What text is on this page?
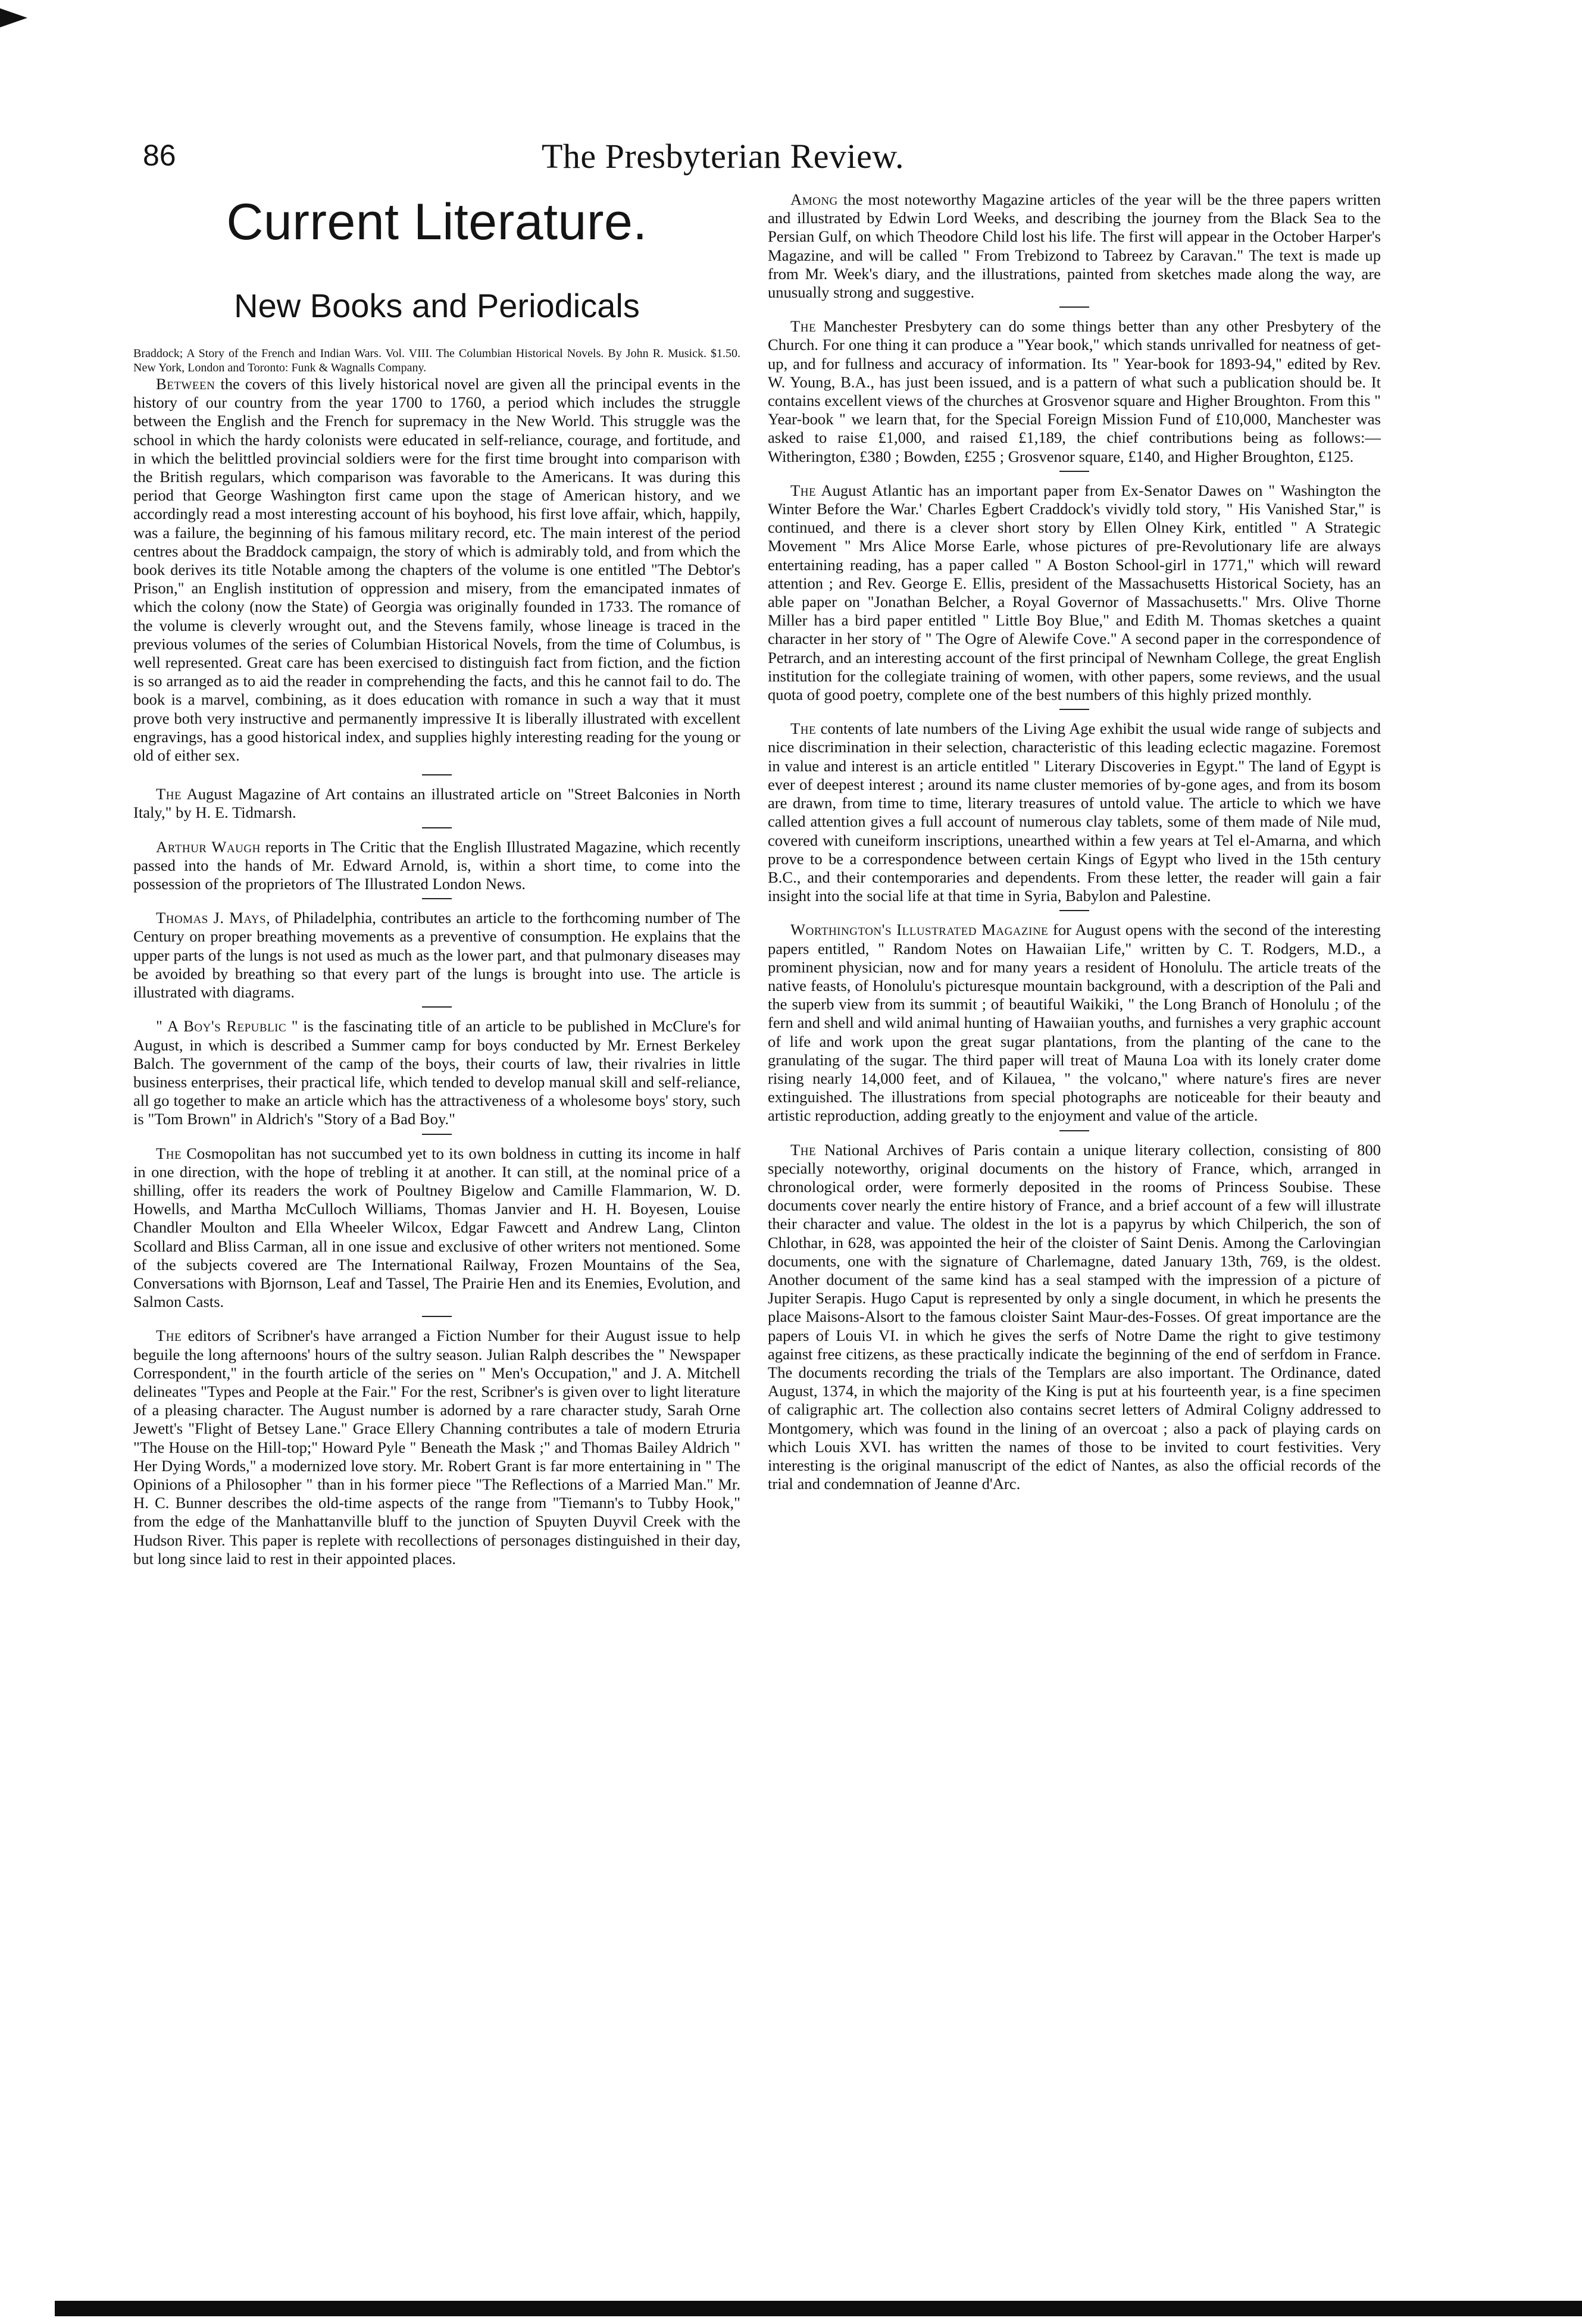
86	The Presbyterian Review.
Current Literature.
New Books and Periodicals

Braddock; A Story of the French and Indian Wars. Vol. VIII. The Columbian Historical Novels. By John R. Musick. $1.50. New York, London and Toronto: Funk & Wagnalls Company.

Between the covers of this lively historical novel are given all the principal events in the history of our country from the year 1700 to 1760, a period which includes the struggle between the English and the French for supremacy in the New World. This struggle was the school in which the hardy colonists were educated in self-reliance, courage, and fortitude, and in which the belittled provincial soldiers were for the first time brought into comparison with the British regulars, which comparison was favorable to the Americans. It was during this period that George Washington first came upon the stage of American history, and we accordingly read a most interesting account of his boyhood, his first love affair, which, happily, was a failure, the beginning of his famous military record, etc. The main interest of the period centres about the Braddock campaign, the story of which is admirably told, and from which the book derives its title Notable among the chapters of the volume is one entitled "The Debtor's Prison," an English institution of oppression and misery, from the emancipated inmates of which the colony (now the State) of Georgia was originally founded in 1733. The romance of the volume is cleverly wrought out, and the Stevens family, whose lineage is traced in the previous volumes of the series of Columbian Historical Novels, from the time of Columbus, is well represented. Great care has been exercised to distinguish fact from fiction, and the fiction is so arranged as to aid the reader in comprehending the facts, and this he cannot fail to do. The book is a marvel, combining, as it does education with romance in such a way that it must prove both very instructive and permanently impressive It is liberally illustrated with excellent engravings, has a good historical index, and supplies highly interesting reading for the young or old of either sex.

The August Magazine of Art contains an illustrated article on "Street Balconies in North Italy," by H. E. Tidmarsh.

Arthur Waugh reports in The Critic that the English Illustrated Magazine, which recently passed into the hands of Mr. Edward Arnold, is, within a short time, to come into the possession of the proprietors of The Illustrated London News.

Thomas J. Mays, of Philadelphia, contributes an article to the forthcoming number of The Century on proper breathing movements as a preventive of consumption. He explains that the upper parts of the lungs is not used as much as the lower part, and that pulmonary diseases may be avoided by breathing so that every part of the lungs is brought into use. The article is illustrated with diagrams.

" A Boy's Republic " is the fascinating title of an article to be published in McClure's for August, in which is described a Summer camp for boys conducted by Mr. Ernest Berkeley Balch. The government of the camp of the boys, their courts of law, their rivalries in little business enterprises, their practical life, which tended to develop manual skill and self-reliance, all go together to make an article which has the attractiveness of a wholesome boys' story, such is "Tom Brown" in Aldrich's "Story of a Bad Boy."

The Cosmopolitan has not succumbed yet to its own boldness in cutting its income in half in one direction, with the hope of trebling it at another. It can still, at the nominal price of a shilling, offer its readers the work of Poultney Bigelow and Camille Flammarion, W. D. Howells, and Martha McCulloch Williams, Thomas Janvier and H. H. Boyesen, Louise Chandler Moulton and Ella Wheeler Wilcox, Edgar Fawcett and Andrew Lang, Clinton Scollard and Bliss Carman, all in one issue and exclusive of other writers not mentioned. Some of the subjects covered are The International Railway, Frozen Mountains of the Sea, Conversations with Bjornson, Leaf and Tassel, The Prairie Hen and its Enemies, Evolution, and Salmon Casts.

The editors of Scribner's have arranged a Fiction Number for their August issue to help beguile the long afternoons' hours of the sultry season. Julian Ralph describes the " Newspaper Correspondent," in the fourth article of the series on " Men's Occupation," and J. A. Mitchell delineates "Types and People at the Fair." For the rest, Scribner's is given over to light literature of a pleasing character. The August number is adorned by a rare character study, Sarah Orne Jewett's "Flight of Betsey Lane." Grace Ellery Channing contributes a tale of modern Etruria "The House on the Hill-top;" Howard Pyle " Beneath the Mask ;" and Thomas Bailey Aldrich " Her Dying Words," a modernized love story. Mr. Robert Grant is far more entertaining in " The Opinions of a Philosopher " than in his former piece "The Reflections of a Married Man." Mr. H. C. Bunner describes the old-time aspects of the range from "Tiemann's to Tubby Hook," from the edge of the Manhattanville bluff to the junction of Spuyten Duyvil Creek with the Hudson River. This paper is replete with recollections of personages distinguished in their day, but long since laid to rest in their appointed places.

Among the most noteworthy Magazine articles of the year will be the three papers written and illustrated by Edwin Lord Weeks, and describing the journey from the Black Sea to the Persian Gulf, on which Theodore Child lost his life. The first will appear in the October Harper's Magazine, and will be called " From Trebizond to Tabreez by Caravan." The text is made up from Mr. Week's diary, and the illustrations, painted from sketches made along the way, are unusually strong and suggestive.

The Manchester Presbytery can do some things better than any other Presbytery of the Church. For one thing it can produce a "Year book," which stands unrivalled for neatness of get-up, and for fullness and accuracy of information. Its " Year-book for 1893-94," edited by Rev. W. Young, B.A., has just been issued, and is a pattern of what such a publication should be. It contains excellent views of the churches at Grosvenor square and Higher Broughton. From this " Year-book " we learn that, for the Special Foreign Mission Fund of £10,000, Manchester was asked to raise £1,000, and raised £1,189, the chief contributions being as follows:—Witherington, £380 ; Bowden, £255 ; Grosvenor square, £140, and Higher Broughton, £125.

The August Atlantic has an important paper from Ex-Senator Dawes on " Washington the Winter Before the War.' Charles Egbert Craddock's vividly told story, " His Vanished Star," is continued, and there is a clever short story by Ellen Olney Kirk, entitled " A Strategic Movement " Mrs Alice Morse Earle, whose pictures of pre-Revolutionary life are always entertaining reading, has a paper called " A Boston School-girl in 1771," which will reward attention ; and Rev. George E. Ellis, president of the Massachusetts Historical Society, has an able paper on "Jonathan Belcher, a Royal Governor of Massachusetts." Mrs. Olive Thorne Miller has a bird paper entitled " Little Boy Blue," and Edith M. Thomas sketches a quaint character in her story of " The Ogre of Alewife Cove." A second paper in the correspondence of Petrarch, and an interesting account of the first principal of Newnham College, the great English institution for the collegiate training of women, with other papers, some reviews, and the usual quota of good poetry, complete one of the best numbers of this highly prized monthly.

The contents of late numbers of the Living Age exhibit the usual wide range of subjects and nice discrimination in their selection, characteristic of this leading eclectic magazine. Foremost in value and interest is an article entitled " Literary Discoveries in Egypt." The land of Egypt is ever of deepest interest ; around its name cluster memories of by-gone ages, and from its bosom are drawn, from time to time, literary treasures of untold value. The article to which we have called attention gives a full account of numerous clay tablets, some of them made of Nile mud, covered with cuneiform inscriptions, unearthed within a few years at Tel el-Amarna, and which prove to be a correspondence between certain Kings of Egypt who lived in the 15th century B.C., and their contemporaries and dependents. From these letter, the reader will gain a fair insight into the social life at that time in Syria, Babylon and Palestine.

Worthington's Illustrated Magazine for August opens with the second of the interesting papers entitled, " Random Notes on Hawaiian Life," written by C. T. Rodgers, M.D., a prominent physician, now and for many years a resident of Honolulu. The article treats of the native feasts, of Honolulu's picturesque mountain background, with a description of the Pali and the superb view from its summit ; of beautiful Waikiki, " the Long Branch of Honolulu ; of the fern and shell and wild animal hunting of Hawaiian youths, and furnishes a very graphic account of life and work upon the great sugar plantations, from the planting of the cane to the granulating of the sugar. The third paper will treat of Mauna Loa with its lonely crater dome rising nearly 14,000 feet, and of Kilauea, " the volcano," where nature's fires are never extinguished. The illustrations from special photographs are noticeable for their beauty and artistic reproduction, adding greatly to the enjoyment and value of the article.

The National Archives of Paris contain a unique literary collection, consisting of 800 specially noteworthy, original documents on the history of France, which, arranged in chronological order, were formerly deposited in the rooms of Princess Soubise. These documents cover nearly the entire history of France, and a brief account of a few will illustrate their character and value. The oldest in the lot is a papyrus by which Chilperich, the son of Chlothar, in 628, was appointed the heir of the cloister of Saint Denis. Among the Carlovingian documents, one with the signature of Charlemagne, dated January 13th, 769, is the oldest. Another document of the same kind has a seal stamped with the impression of a picture of Jupiter Serapis. Hugo Caput is represented by only a single document, in which he presents the place Maisons-Alsort to the famous cloister Saint Maur-des-Fosses. Of great importance are the papers of Louis VI. in which he gives the serfs of Notre Dame the right to give testimony against free citizens, as these practically indicate the beginning of the end of serfdom in France. The documents recording the trials of the Templars are also important. The Ordinance, dated August, 1374, in which the majority of the King is put at his fourteenth year, is a fine specimen of caligraphic art. The collection also contains secret letters of Admiral Coligny addressed to Montgomery, which was found in the lining of an overcoat ; also a pack of playing cards on which Louis XVI. has written the names of those to be invited to court festivities. Very interesting is the original manuscript of the edict of Nantes, as also the official records of the trial and condemnation of Jeanne d'Arc.
